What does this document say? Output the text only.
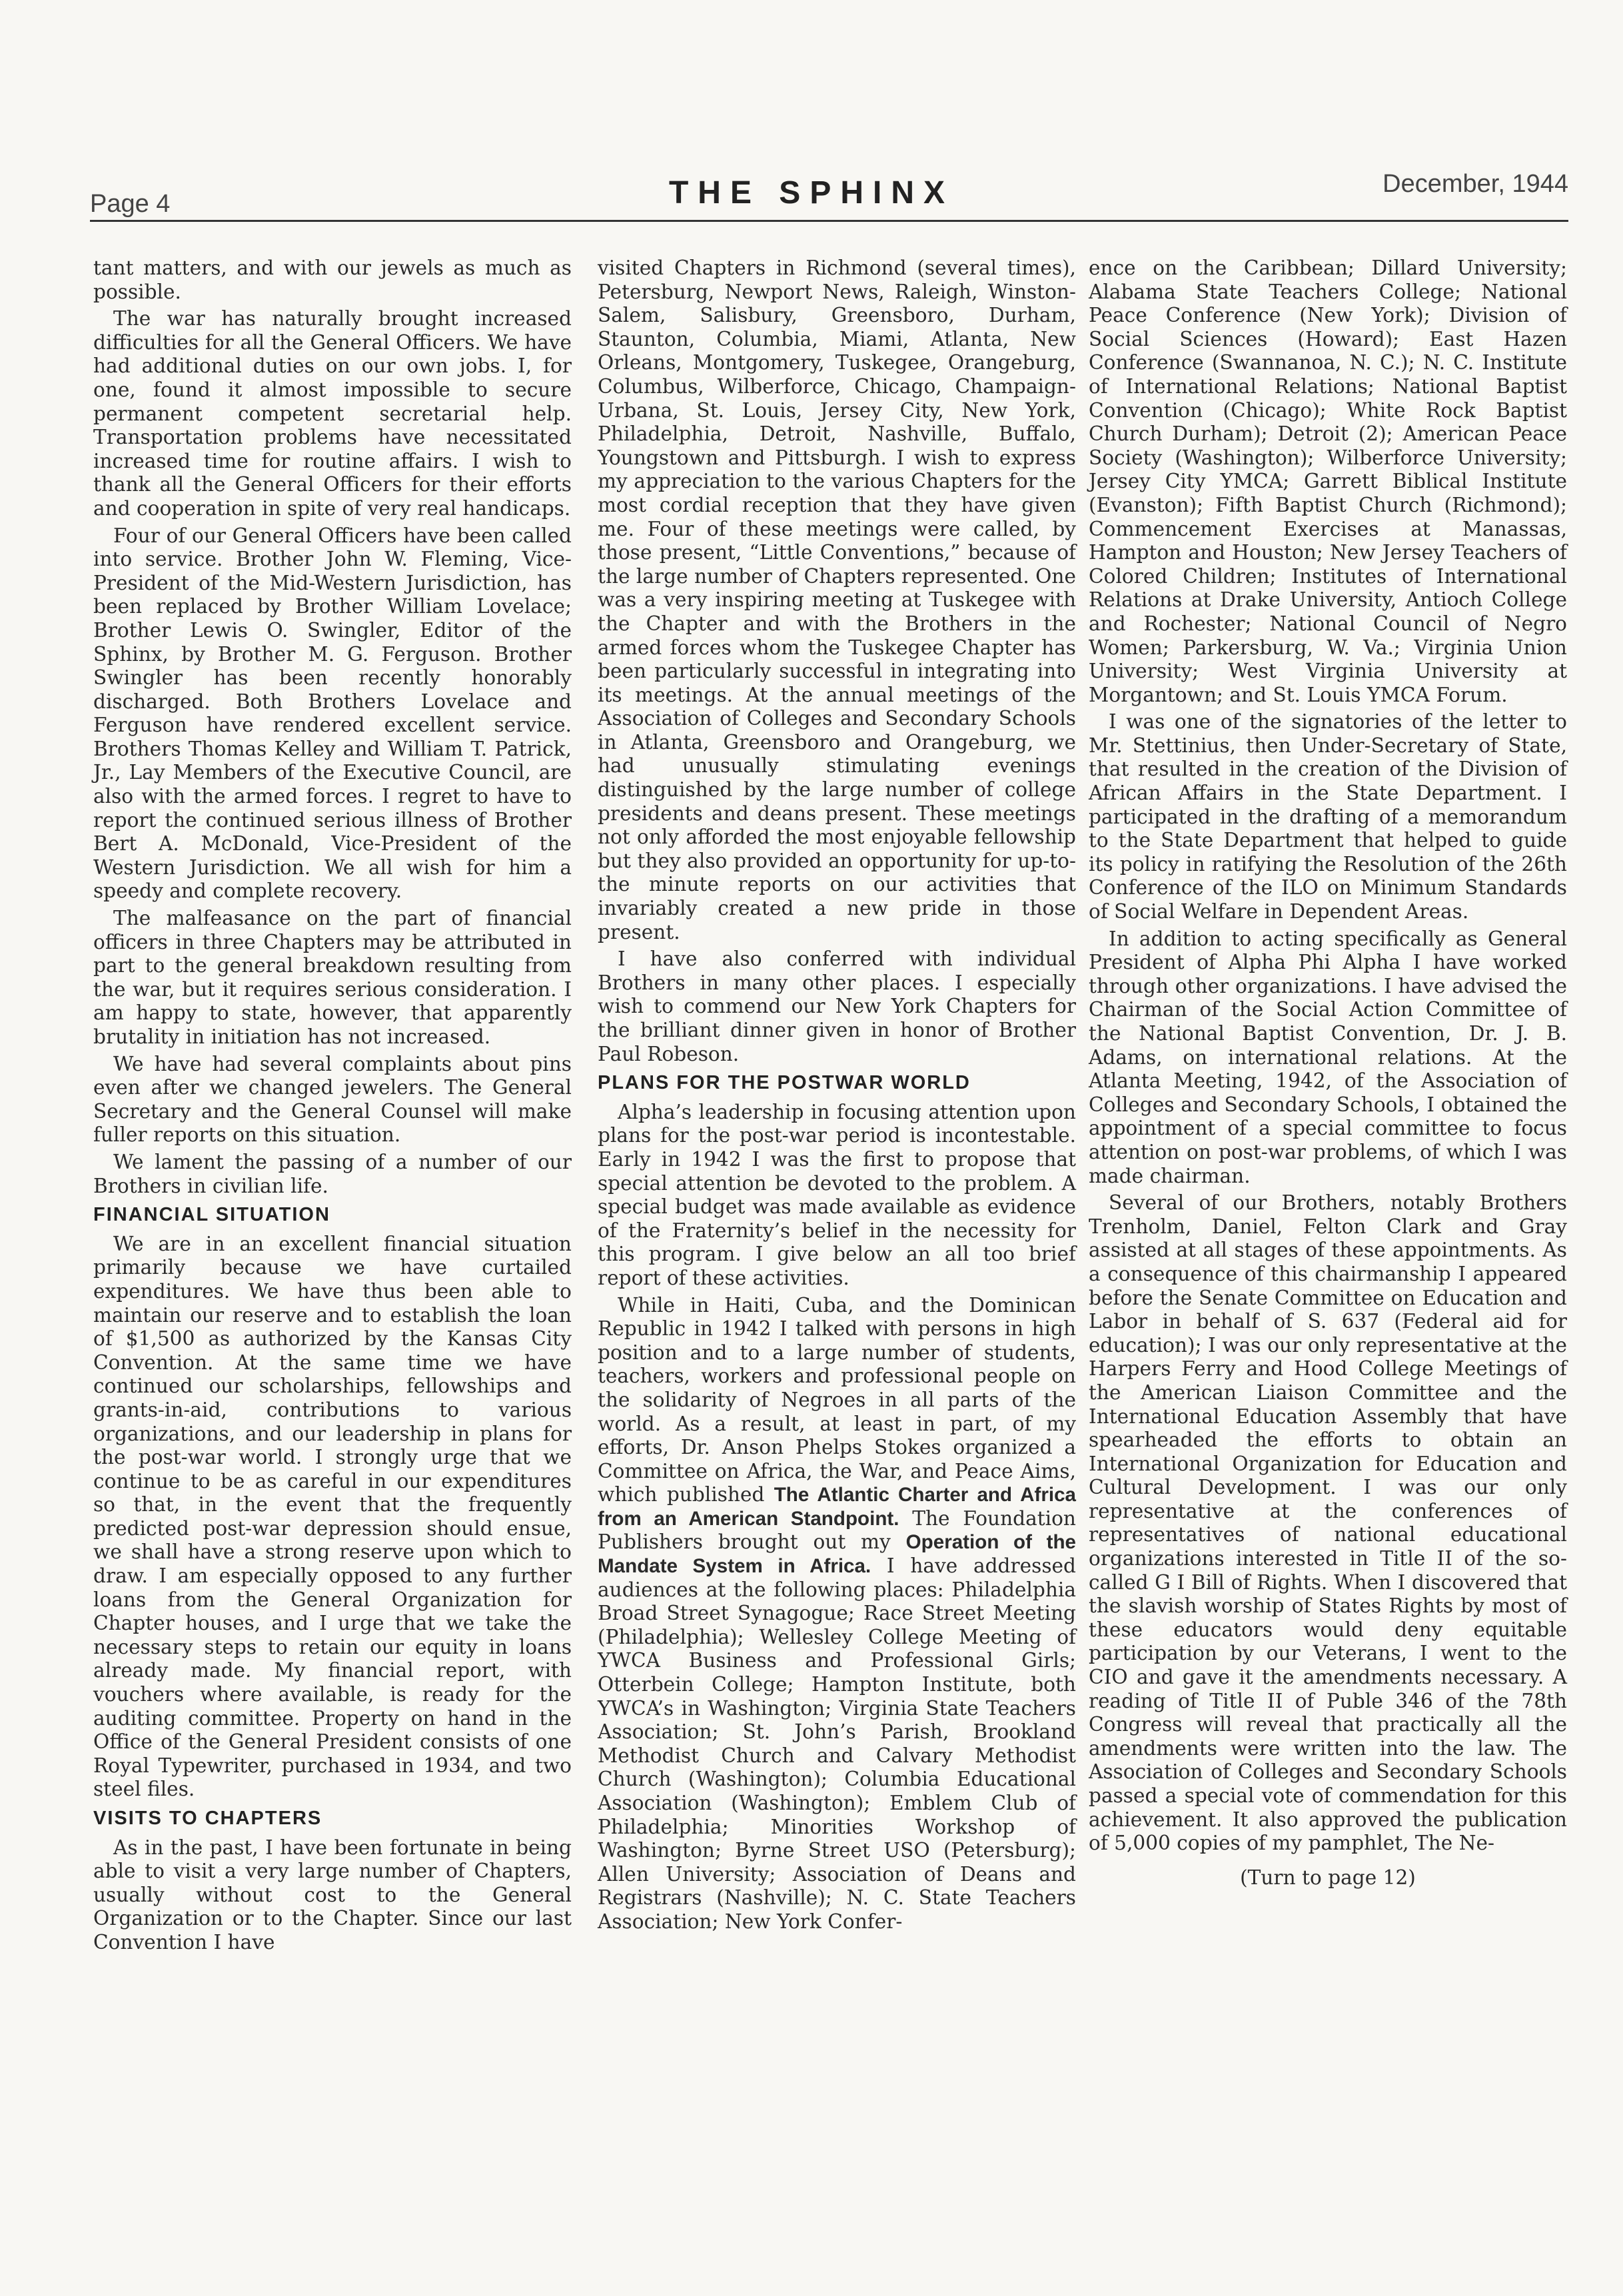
Page 4	THE SPHINX	December, 1944

tant matters, and with our jewels as much as possible.

The war has naturally brought increased difficulties for all the General Officers. We have had additional duties on our own jobs. I, for one, found it almost impossible to secure permanent competent secretarial help. Transportation problems have necessitated increased time for routine affairs. I wish to thank all the General Officers for their efforts and cooperation in spite of very real handicaps.

Four of our General Officers have been called into service. Brother John W. Fleming, Vice-President of the Mid-Western Jurisdiction, has been replaced by Brother William Lovelace; Brother Lewis O. Swingler, Editor of the Sphinx, by Brother M. G. Ferguson. Brother Swingler has been recently honorably discharged. Both Brothers Lovelace and Ferguson have rendered excellent service. Brothers Thomas Kelley and William T. Patrick, Jr., Lay Members of the Executive Council, are also with the armed forces. I regret to have to report the continued serious illness of Brother Bert A. McDonald, Vice-President of the Western Jurisdiction. We all wish for him a speedy and complete recovery.

The malfeasance on the part of financial officers in three Chapters may be attributed in part to the general breakdown resulting from the war, but it requires serious consideration. I am happy to state, however, that apparently brutality in initiation has not increased.

We have had several complaints about pins even after we changed jewelers. The General Secretary and the General Counsel will make fuller reports on this situation.

We lament the passing of a number of our Brothers in civilian life.

FINANCIAL SITUATION

We are in an excellent financial situation primarily because we have curtailed expenditures. We have thus been able to maintain our reserve and to establish the loan of $1,500 as authorized by the Kansas City Convention. At the same time we have continued our scholarships, fellowships and grants-in-aid, contributions to various organizations, and our leadership in plans for the post-war world. I strongly urge that we continue to be as careful in our expenditures so that, in the event that the frequently predicted post-war depression should ensue, we shall have a strong reserve upon which to draw. I am especially opposed to any further loans from the General Organization for Chapter houses, and I urge that we take the necessary steps to retain our equity in loans already made. My financial report, with vouchers where available, is ready for the auditing committee. Property on hand in the Office of the General President consists of one Royal Typewriter, purchased in 1934, and two steel files.

VISITS TO CHAPTERS

As in the past, I have been fortunate in being able to visit a very large number of Chapters, usually without cost to the General Organization or to the Chapter. Since our last Convention I have

visited Chapters in Richmond (several times), Petersburg, Newport News, Raleigh, Winston-Salem, Salisbury, Greensboro, Durham, Staunton, Columbia, Miami, Atlanta, New Orleans, Montgomery, Tuskegee, Orangeburg, Columbus, Wilberforce, Chicago, Champaign-Urbana, St. Louis, Jersey City, New York, Philadelphia, Detroit, Nashville, Buffalo, Youngstown and Pittsburgh. I wish to express my appreciation to the various Chapters for the most cordial reception that they have given me. Four of these meetings were called, by those present, “Little Conventions,” because of the large number of Chapters represented. One was a very inspiring meeting at Tuskegee with the Chapter and with the Brothers in the armed forces whom the Tuskegee Chapter has been particularly successful in integrating into its meetings. At the annual meetings of the Association of Colleges and Secondary Schools in Atlanta, Greensboro and Orangeburg, we had unusually stimulating evenings distinguished by the large number of college presidents and deans present. These meetings not only afforded the most enjoyable fellowship but they also provided an opportunity for up-to-the minute reports on our activities that invariably created a new pride in those present.

I have also conferred with individual Brothers in many other places. I especially wish to commend our New York Chapters for the brilliant dinner given in honor of Brother Paul Robeson.

PLANS FOR THE POSTWAR WORLD

Alpha’s leadership in focusing attention upon plans for the post-war period is incontestable. Early in 1942 I was the first to propose that special attention be devoted to the problem. A special budget was made available as evidence of the Fraternity’s belief in the necessity for this program. I give below an all too brief report of these activities.

While in Haiti, Cuba, and the Dominican Republic in 1942 I talked with persons in high position and to a large number of students, teachers, workers and professional people on the solidarity of Negroes in all parts of the world. As a result, at least in part, of my efforts, Dr. Anson Phelps Stokes organized a Committee on Africa, the War, and Peace Aims, which published The Atlantic Charter and Africa from an American Standpoint. The Foundation Publishers brought out my Operation of the Mandate System in Africa. I have addressed audiences at the following places: Philadelphia Broad Street Synagogue; Race Street Meeting (Philadelphia); Wellesley College Meeting of YWCA Business and Professional Girls; Otterbein College; Hampton Institute, both YWCA’s in Washington; Virginia State Teachers Association; St. John’s Parish, Brookland Methodist Church and Calvary Methodist Church (Washington); Columbia Educational Association (Washington); Emblem Club of Philadelphia; Minorities Workshop of Washington; Byrne Street USO (Petersburg); Allen University; Association of Deans and Registrars (Nashville); N. C. State Teachers Association; New York Confer-

ence on the Caribbean; Dillard University; Alabama State Teachers College; National Peace Conference (New York); Division of Social Sciences (Howard); East Hazen Conference (Swannanoa, N. C.); N. C. Institute of International Relations; National Baptist Convention (Chicago); White Rock Baptist Church Durham); Detroit (2); American Peace Society (Washington); Wilberforce University; Jersey City YMCA; Garrett Biblical Institute (Evanston); Fifth Baptist Church (Richmond); Commencement Exercises at Manassas, Hampton and Houston; New Jersey Teachers of Colored Children; Institutes of International Relations at Drake University, Antioch College and Rochester; National Council of Negro Women; Parkersburg, W. Va.; Virginia Union University; West Virginia University at Morgantown; and St. Louis YMCA Forum.

I was one of the signatories of the letter to Mr. Stettinius, then Under-Secretary of State, that resulted in the creation of the Division of African Affairs in the State Department. I participated in the drafting of a memorandum to the State Department that helped to guide its policy in ratifying the Resolution of the 26th Conference of the ILO on Minimum Standards of Social Welfare in Dependent Areas.

In addition to acting specifically as General President of Alpha Phi Alpha I have worked through other organizations. I have advised the Chairman of the Social Action Committee of the National Baptist Convention, Dr. J. B. Adams, on international relations. At the Atlanta Meeting, 1942, of the Association of Colleges and Secondary Schools, I obtained the appointment of a special committee to focus attention on post-war problems, of which I was made chairman.

Several of our Brothers, notably Brothers Trenholm, Daniel, Felton Clark and Gray assisted at all stages of these appointments. As a consequence of this chairmanship I appeared before the Senate Committee on Education and Labor in behalf of S. 637 (Federal aid for education); I was our only representative at the Harpers Ferry and Hood College Meetings of the American Liaison Committee and the International Education Assembly that have spearheaded the efforts to obtain an International Organization for Education and Cultural Development. I was our only representative at the conferences of representatives of national educational organizations interested in Title II of the so-called G I Bill of Rights. When I discovered that the slavish worship of States Rights by most of these educators would deny equitable participation by our Veterans, I went to the CIO and gave it the amendments necessary. A reading of Title II of Puble 346 of the 78th Congress will reveal that practically all the amendments were written into the law. The Association of Colleges and Secondary Schools passed a special vote of commendation for this achievement. It also approved the publication of 5,000 copies of my pamphlet, The Ne-

(Turn to page 12)
